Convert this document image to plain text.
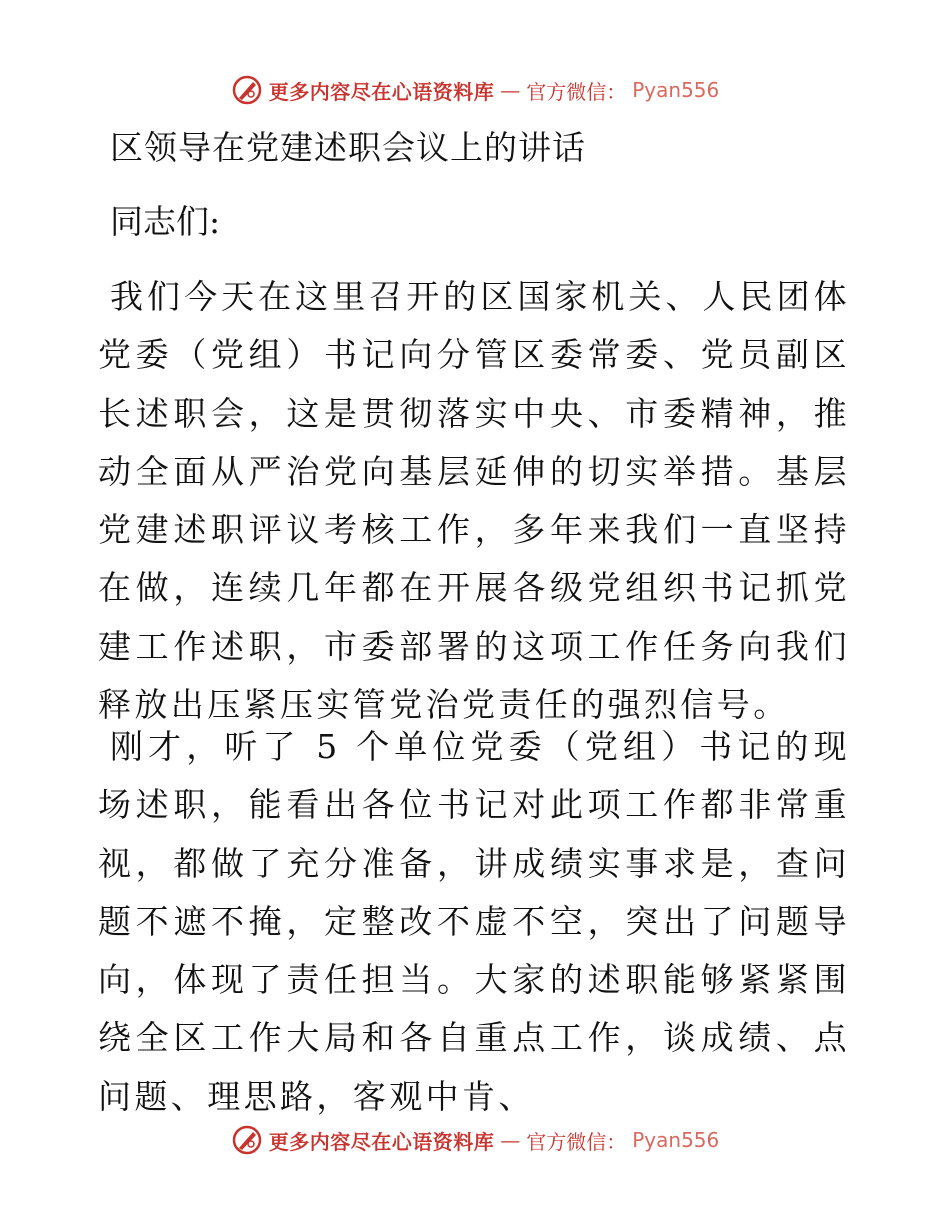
更多内容尽在心语资料库 — 官方微信： Pyan556
区领导在党建述职会议上的讲话

同志们:

我们今天在这里召开的区国家机关、人民团体党委（党组）书记向分管区委常委、党员副区长述职会，这是贯彻落实中央、市委精神，推动全面从严治党向基层延伸的切实举措。基层党建述职评议考核工作，多年来我们一直坚持在做，连续几年都在开展各级党组织书记抓党建工作述职，市委部署的这项工作任务向我们释放出压紧压实管党治党责任的强烈信号。

刚才，听了 5 个单位党委（党组）书记的现场述职，能看出各位书记对此项工作都非常重视，都做了充分准备，讲成绩实事求是，查问题不遮不掩，定整改不虚不空，突出了问题导向，体现了责任担当。大家的述职能够紧紧围绕全区工作大局和各自重点工作，谈成绩、点问题、理思路，客观中肯、

更多内容尽在心语资料库 — 官方微信： Pyan556
